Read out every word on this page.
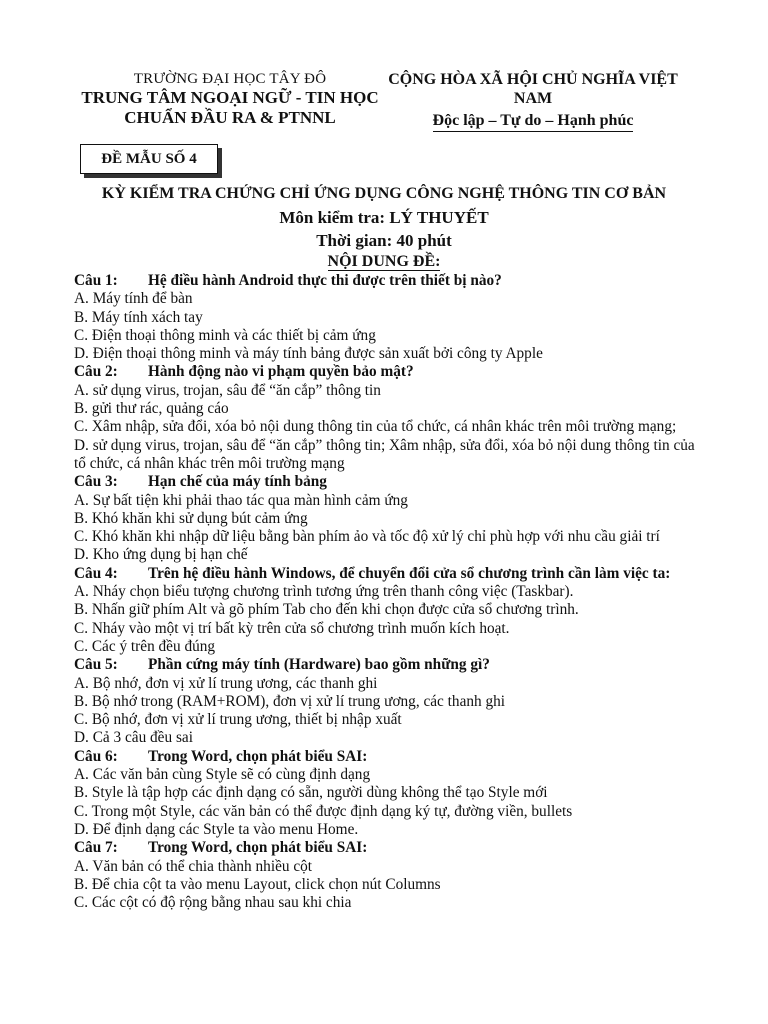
TRƯỜNG ĐẠI HỌC TÂY ĐÔ
TRUNG TÂM NGOẠI NGỮ - TIN HỌC
CHUẨN ĐẦU RA & PTNNL
CỘNG HÒA XÃ HỘI CHỦ NGHĨA VIỆT NAM
Độc lập – Tự do – Hạnh phúc
ĐỀ MẪU SỐ 4
KỲ KIỂM TRA CHỨNG CHỈ ỨNG DỤNG CÔNG NGHỆ THÔNG TIN CƠ BẢN
Môn kiểm tra: LÝ THUYẾT
Thời gian: 40 phút
NỘI DUNG ĐỀ:
Câu 1:	Hệ điều hành Android thực thi được trên thiết bị nào?
A. Máy tính để bàn
B. Máy tính xách tay
C. Điện thoại thông minh và các thiết bị cảm ứng
D. Điện thoại thông minh và máy tính bảng được sản xuất bởi công ty Apple
Câu 2:	Hành động nào vi phạm quyền bảo mật?
A. sử dụng virus, trojan, sâu để “ăn cắp” thông tin
B. gửi thư rác, quảng cáo
C. Xâm nhập, sửa đổi, xóa bỏ nội dung thông tin của tổ chức, cá nhân khác trên môi trường mạng;
D. sử dụng virus, trojan, sâu để “ăn cắp” thông tin; Xâm nhập, sửa đổi, xóa bỏ nội dung thông tin của tổ chức, cá nhân khác trên môi trường mạng
Câu 3:	Hạn chế của máy tính bảng
A. Sự bất tiện khi phải thao tác qua màn hình cảm ứng
B. Khó khăn khi sử dụng bút cảm ứng
C. Khó khăn khi nhập dữ liệu bằng bàn phím ảo và tốc độ xử lý chỉ phù hợp với nhu cầu giải trí
D. Kho ứng dụng bị hạn chế
Câu 4:	Trên hệ điều hành Windows, để chuyển đổi cửa sổ chương trình cần làm việc ta:
A. Nháy chọn biểu tượng chương trình tương ứng trên thanh công việc (Taskbar).
B. Nhấn giữ phím Alt và gõ phím Tab cho đến khi chọn được cửa sổ chương trình.
C. Nháy vào một vị trí bất kỳ trên cửa sổ chương trình muốn kích hoạt.
C. Các ý trên đều đúng
Câu 5:	Phần cứng máy tính (Hardware) bao gồm những gì?
A. Bộ nhớ, đơn vị xử lí trung ương, các thanh ghi
B. Bộ nhớ trong (RAM+ROM), đơn vị xử lí trung ương, các thanh ghi
C. Bộ nhớ, đơn vị xử lí trung ương, thiết bị nhập xuất
D. Cả 3 câu đều sai
Câu 6:	Trong Word, chọn phát biểu SAI:
A. Các văn bản cùng Style sẽ có cùng định dạng
B. Style là tập hợp các định dạng có sẵn, người dùng không thể tạo Style mới
C. Trong một Style, các văn bản có thể được định dạng ký tự, đường viền, bullets
D. Để định dạng các Style ta vào menu Home.
Câu 7:	Trong Word, chọn phát biểu SAI:
A. Văn bản có thể chia thành nhiều cột
B. Để chia cột ta vào menu Layout, click chọn nút Columns
C. Các cột có độ rộng bằng nhau sau khi chia
